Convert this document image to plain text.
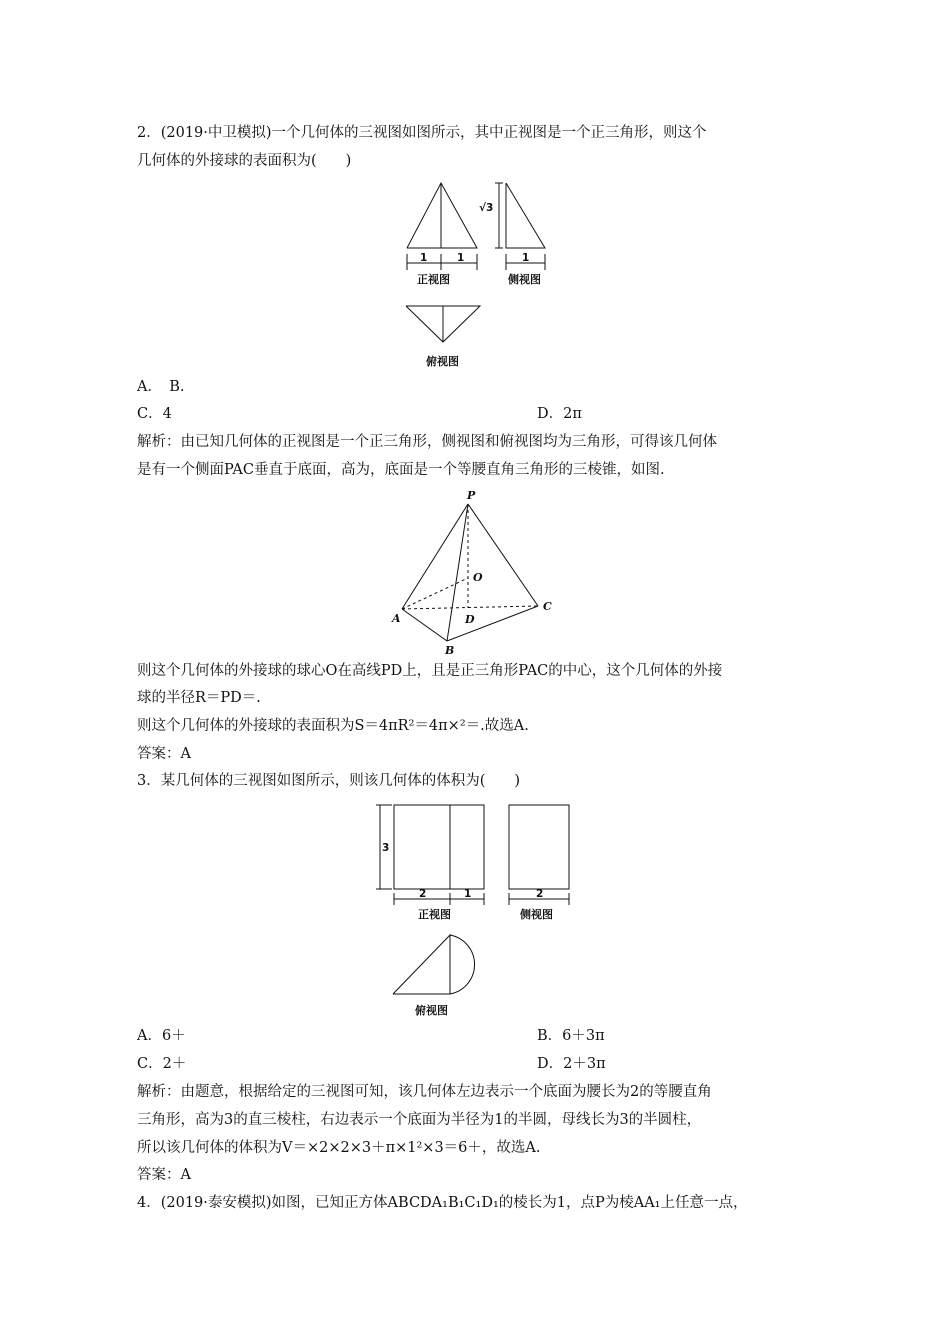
2．(2019·中卫模拟)一个几何体的三视图如图所示，其中正视图是一个正三角形，则这个
几何体的外接球的表面积为(　　)
1	1
正视图
√3
1
侧视图
俯视图
A．　B.
C．4	D．2π
解析：由已知几何体的正视图是一个正三角形，侧视图和俯视图均为三角形，可得该几何体
是有一个侧面PAC垂直于底面，高为，底面是一个等腰直角三角形的三棱锥，如图.
P
O
A
B
C
D
则这个几何体的外接球的球心O在高线PD上，且是正三角形PAC的中心，这个几何体的外接
球的半径R＝PD＝.
则这个几何体的外接球的表面积为S＝4πR²＝4π×²＝.故选A.
答案：A
3．某几何体的三视图如图所示，则该几何体的体积为(　　)
3
2	1
正视图
2
侧视图
俯视图
A．6＋	B．6＋3π
C．2＋	D．2＋3π
解析：由题意，根据给定的三视图可知，该几何体左边表示一个底面为腰长为2的等腰直角
三角形，高为3的直三棱柱，右边表示一个底面为半径为1的半圆，母线长为3的半圆柱，
所以该几何体的体积为V＝×2×2×3＋π×1²×3＝6＋，故选A.
答案：A
4．(2019·泰安模拟)如图，已知正方体ABCDA₁B₁C₁D₁的棱长为1，点P为棱AA₁上任意一点，
